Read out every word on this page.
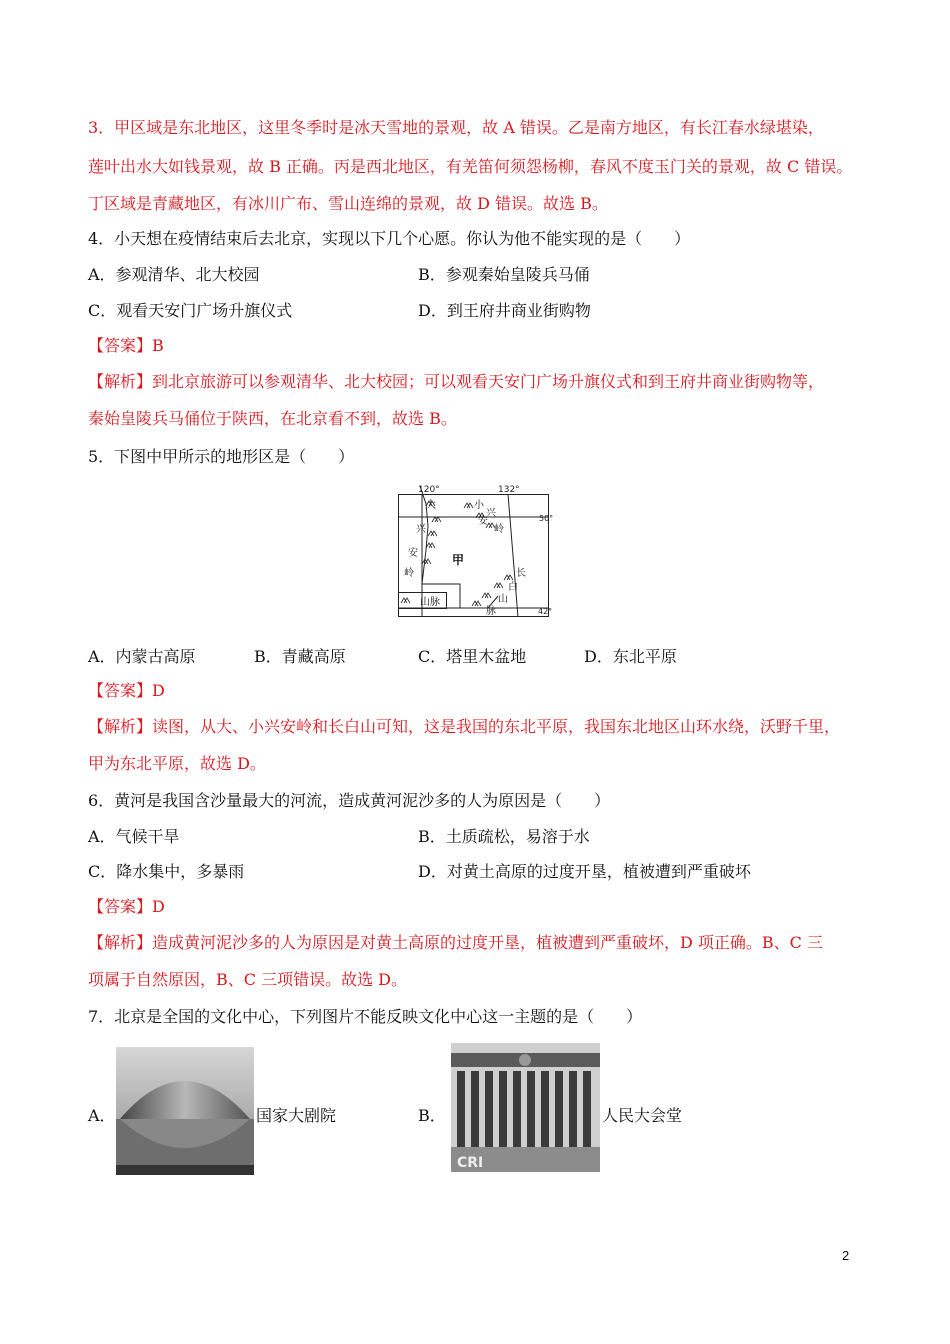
3．甲区域是东北地区，这里冬季时是冰天雪地的景观，故 A 错误。乙是南方地区，有长江春水绿堪染，
莲叶出水大如钱景观，故 B 正确。丙是西北地区，有羌笛何须怨杨柳，春风不度玉门关的景观，故 C 错误。
丁区域是青藏地区，有冰川广布、雪山连绵的景观，故 D 错误。故选 B。
4．小天想在疫情结束后去北京，实现以下几个心愿。你认为他不能实现的是（　　）
A．参观清华、北大校园	B．参观秦始皇陵兵马俑
C．观看天安门广场升旗仪式	D．到王府井商业街购物
【答案】B
【解析】到北京旅游可以参观清华、北大校园；可以观看天安门广场升旗仪式和到王府井商业街购物等，
秦始皇陵兵马俑位于陕西，在北京看不到，故选 B。
5．下图中甲所示的地形区是（　　）
120°	132°
50°
42°
甲
大
兴
安
岭
小
兴
安
岭
长
白
山
脉
山脉
A．内蒙古高原	B．青藏高原	C．塔里木盆地	D．东北平原
【答案】D
【解析】读图，从大、小兴安岭和长白山可知，这是我国的东北平原，我国东北地区山环水绕，沃野千里，
甲为东北平原，故选 D。
6．黄河是我国含沙量最大的河流，造成黄河泥沙多的人为原因是（　　）
A．气候干旱	B．土质疏松，易溶于水
C．降水集中，多暴雨	D．对黄土高原的过度开垦，植被遭到严重破坏
【答案】D
【解析】造成黄河泥沙多的人为原因是对黄土高原的过度开垦，植被遭到严重破坏，D 项正确。B、C 三
项属于自然原因，B、C 三项错误。故选 D。
7．北京是全国的文化中心，下列图片不能反映文化中心这一主题的是（　　）
A．	国家大剧院	B．
CRI
人民大会堂
2
